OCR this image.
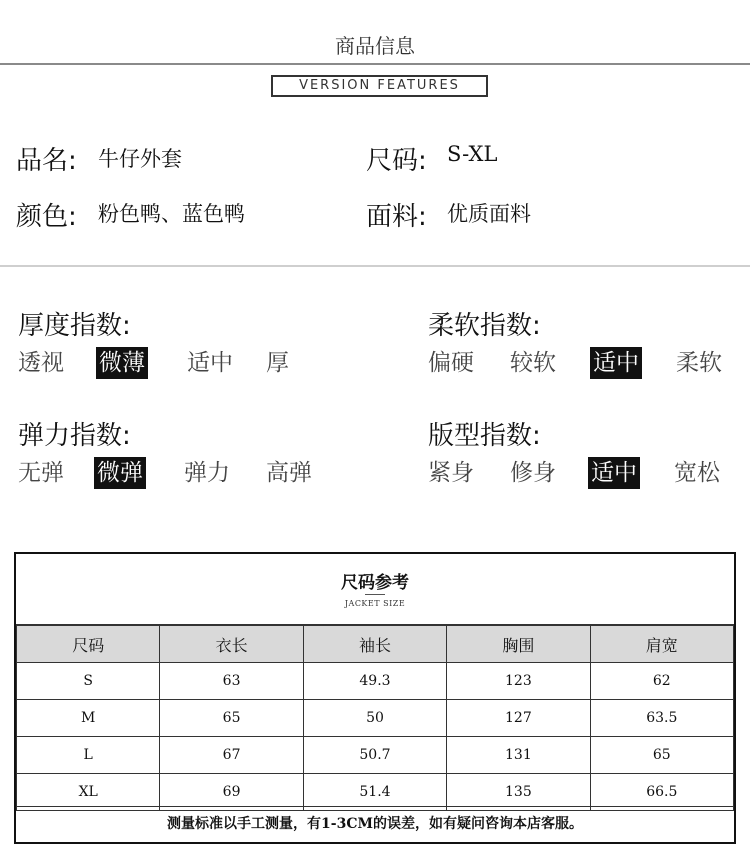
商品信息
VERSION FEATURES
品名: 牛仔外套	尺码: S-XL
颜色: 粉色鸭、蓝色鸭	面料: 优质面料
厚度指数:
透视 微薄 适中 厚
柔软指数:
偏硬 较软 适中 柔软
弹力指数:
无弹 微弹 弹力 高弹
版型指数:
紧身 修身 适中 宽松
尺码参考
JACKET SIZE
尺码	衣长	袖长	胸围	肩宽
S	63	49.3	123	62
M	65	50	127	63.5
L	67	50.7	131	65
XL	69	51.4	135	66.5
测量标准以手工测量，有1-3CM的误差，如有疑问咨询本店客服。
